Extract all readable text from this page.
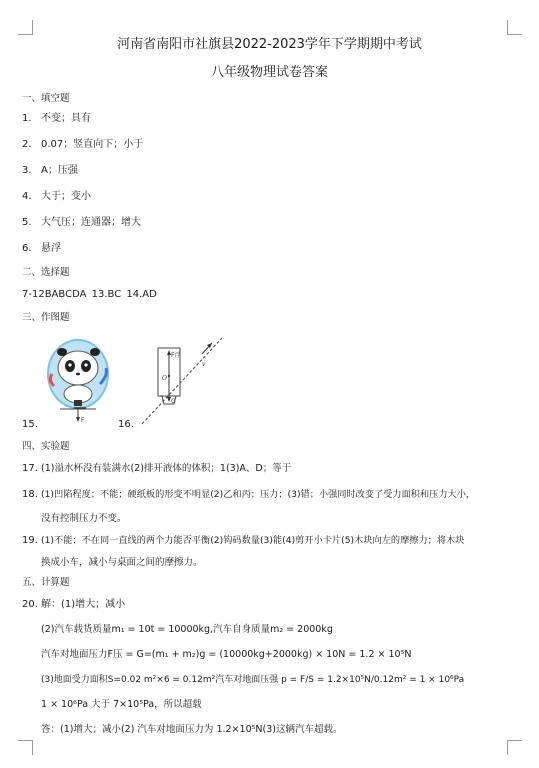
河南省南阳市社旗县2022-2023学年下学期期中考试
八年级物理试卷答案
一、填空题
1. 不变；具有
2. 0.07；竖直向下；小于
3. A；压强
4. 大于；变小
5. 大气压；连通器；增大
6. 悬浮
二、选择题
7-12BABCDA 13.BC 14.AD
三、作图题
F
v
F浮
O
G
15.	16.
四、实验题
17. (1)溢水杯没有装满水(2)排开液体的体积；1(3)A、D；等于
18. (1)凹陷程度；不能；硬纸板的形变不明显(2)乙和丙；压力；(3)错；小强同时改变了受力面积和压力大小，
没有控制压力不变。
19. (1)不能；不在同一直线的两个力能否平衡(2)钩码数量(3)能(4)剪开小卡片(5)木块向左的摩擦力；将木块
换成小车，减小与桌面之间的摩擦力。
五、计算题
20. 解：(1)增大；减小
(2)汽车载货质量m₁ = 10t = 10000kg,汽车自身质量m₂ = 2000kg
汽车对地面压力F压 = G=(m₁ + m₂)g = (10000kg+2000kg) × 10N = 1.2 × 10⁵N
(3)地面受力面积S=0.02 m²×6 = 0.12m²汽车对地面压强 p = F/S = 1.2×10⁵N/0.12m² = 1 × 10⁶Pa
1 × 10⁶Pa 大于 7×10⁵Pa，所以超载
答：(1)增大；减小(2) 汽车对地面压力为 1.2×10⁵N(3)这辆汽车超载。
